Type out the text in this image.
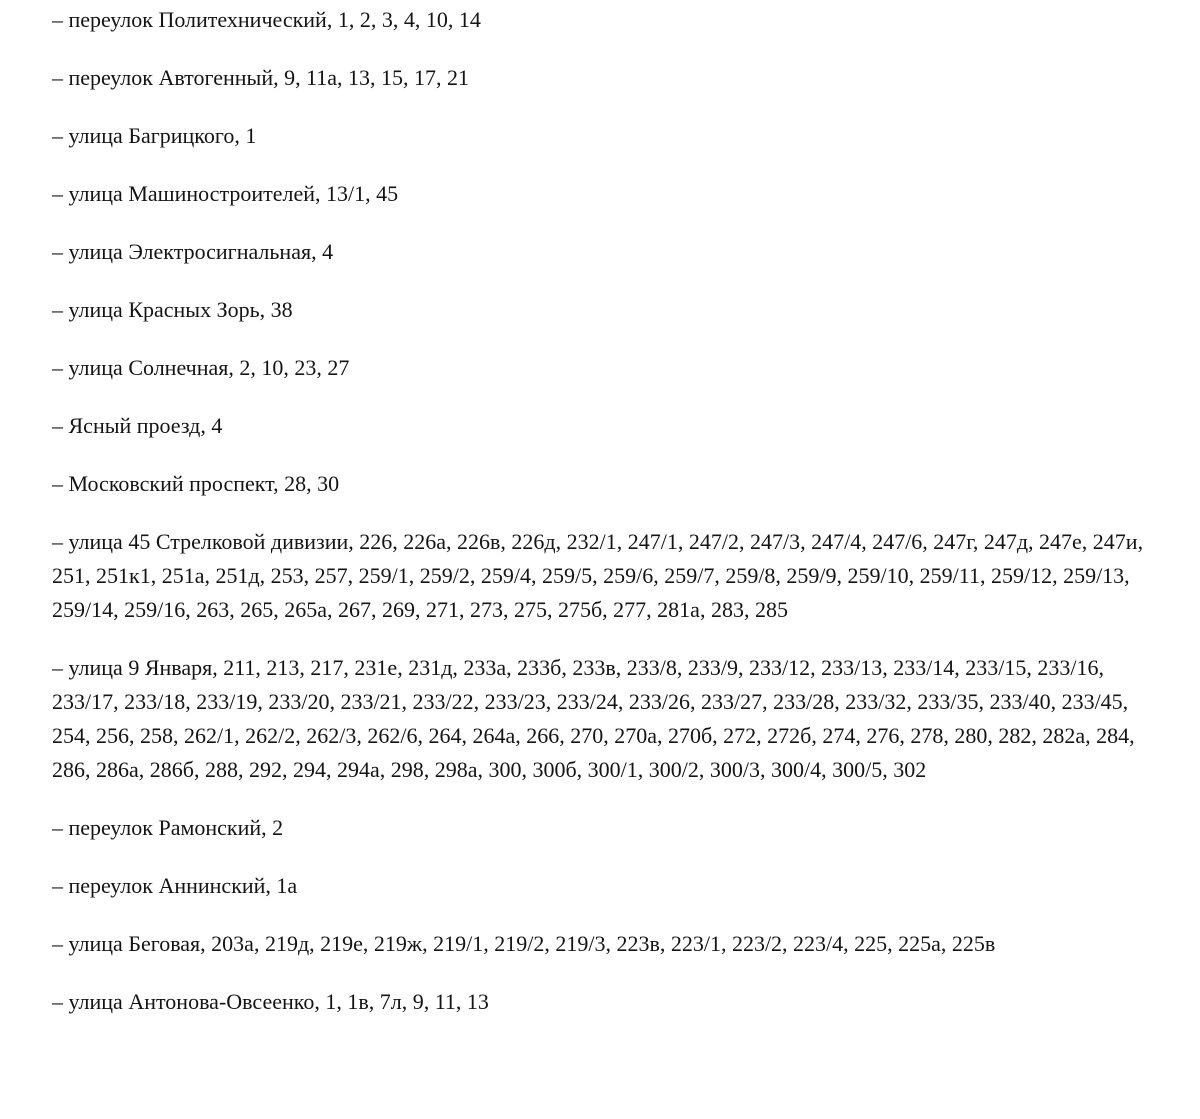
– переулок Политехнический, 1, 2, 3, 4, 10, 14

– переулок Автогенный, 9, 11а, 13, 15, 17, 21

– улица Багрицкого, 1

– улица Машиностроителей, 13/1, 45

– улица Электросигнальная, 4

– улица Красных Зорь, 38

– улица Солнечная, 2, 10, 23, 27

– Ясный проезд, 4

– Московский проспект, 28, 30

– улица 45 Стрелковой дивизии, 226, 226а, 226в, 226д, 232/1, 247/1, 247/2, 247/3, 247/4, 247/6, 247г, 247д, 247е, 247и, 251, 251к1, 251а, 251д, 253, 257, 259/1, 259/2, 259/4, 259/5, 259/6, 259/7, 259/8, 259/9, 259/10, 259/11, 259/12, 259/13, 259/14, 259/16, 263, 265, 265а, 267, 269, 271, 273, 275, 275б, 277, 281а, 283, 285

– улица 9 Января, 211, 213, 217, 231е, 231д, 233а, 233б, 233в, 233/8, 233/9, 233/12, 233/13, 233/14, 233/15, 233/16, 233/17, 233/18, 233/19, 233/20, 233/21, 233/22, 233/23, 233/24, 233/26, 233/27, 233/28, 233/32, 233/35, 233/40, 233/45, 254, 256, 258, 262/1, 262/2, 262/3, 262/6, 264, 264а, 266, 270, 270а, 270б, 272, 272б, 274, 276, 278, 280, 282, 282а, 284, 286, 286а, 286б, 288, 292, 294, 294а, 298, 298а, 300, 300б, 300/1, 300/2, 300/3, 300/4, 300/5, 302

– переулок Рамонский, 2

– переулок Аннинский, 1а

– улица Беговая, 203а, 219д, 219е, 219ж, 219/1, 219/2, 219/3, 223в, 223/1, 223/2, 223/4, 225, 225а, 225в

– улица Антонова-Овсеенко, 1, 1в, 7л, 9, 11, 13
